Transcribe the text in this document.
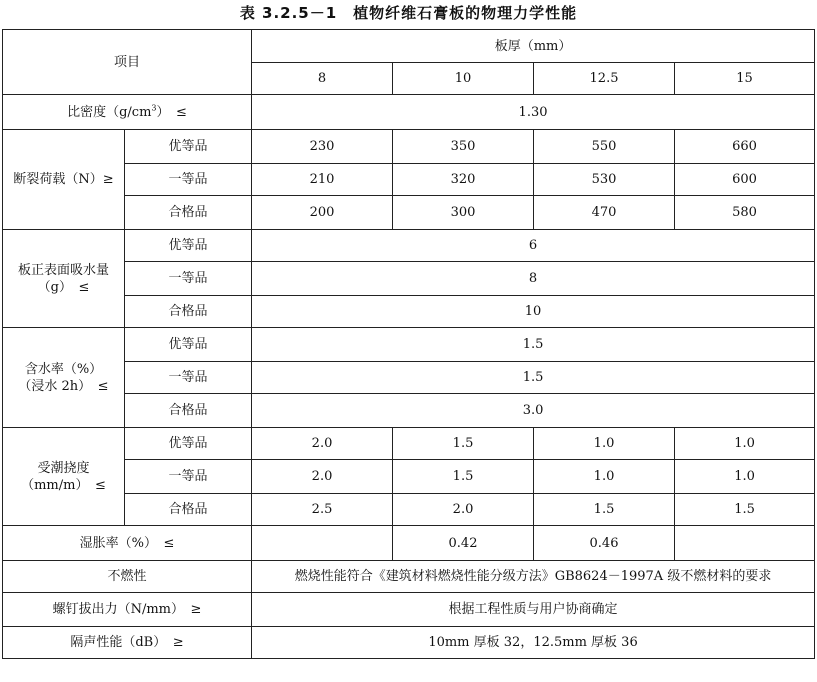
表 3.2.5－1　植物纤维石膏板的物理力学性能
项目		板厚（mm）			
		8	10	12.5	15
比密度$(g/cm^3)$　≤		1.30			
断裂荷载（N）≥	优等品	230	350	550	660
	一等品	210	320	530	600
	合格品	200	300	470	580
板正表面吸水量
（g）　≤	优等品	6			
	一等品	8			
	合格品	10			
含水率（%）
（浸水 2h）　≤	优等品	1.5			
	一等品	1.5			
	合格品	3.0			
受潮挠度
（mm/m）　≤	优等品	2.0	1.5	1.0	1.0
	一等品	2.0	1.5	1.0	1.0
	合格品	2.5	2.0	1.5	1.5
湿胀率（%）　≤			0.42	0.46	
不燃性		燃烧性能符合《建筑材料燃烧性能分级方法》GB8624－1997A 级不燃材料的要求			
螺钉拔出力（N/mm）　≥		根据工程性质与用户协商确定			
隔声性能（dB）　≥		10mm 厚板 32，12.5mm 厚板 36			
